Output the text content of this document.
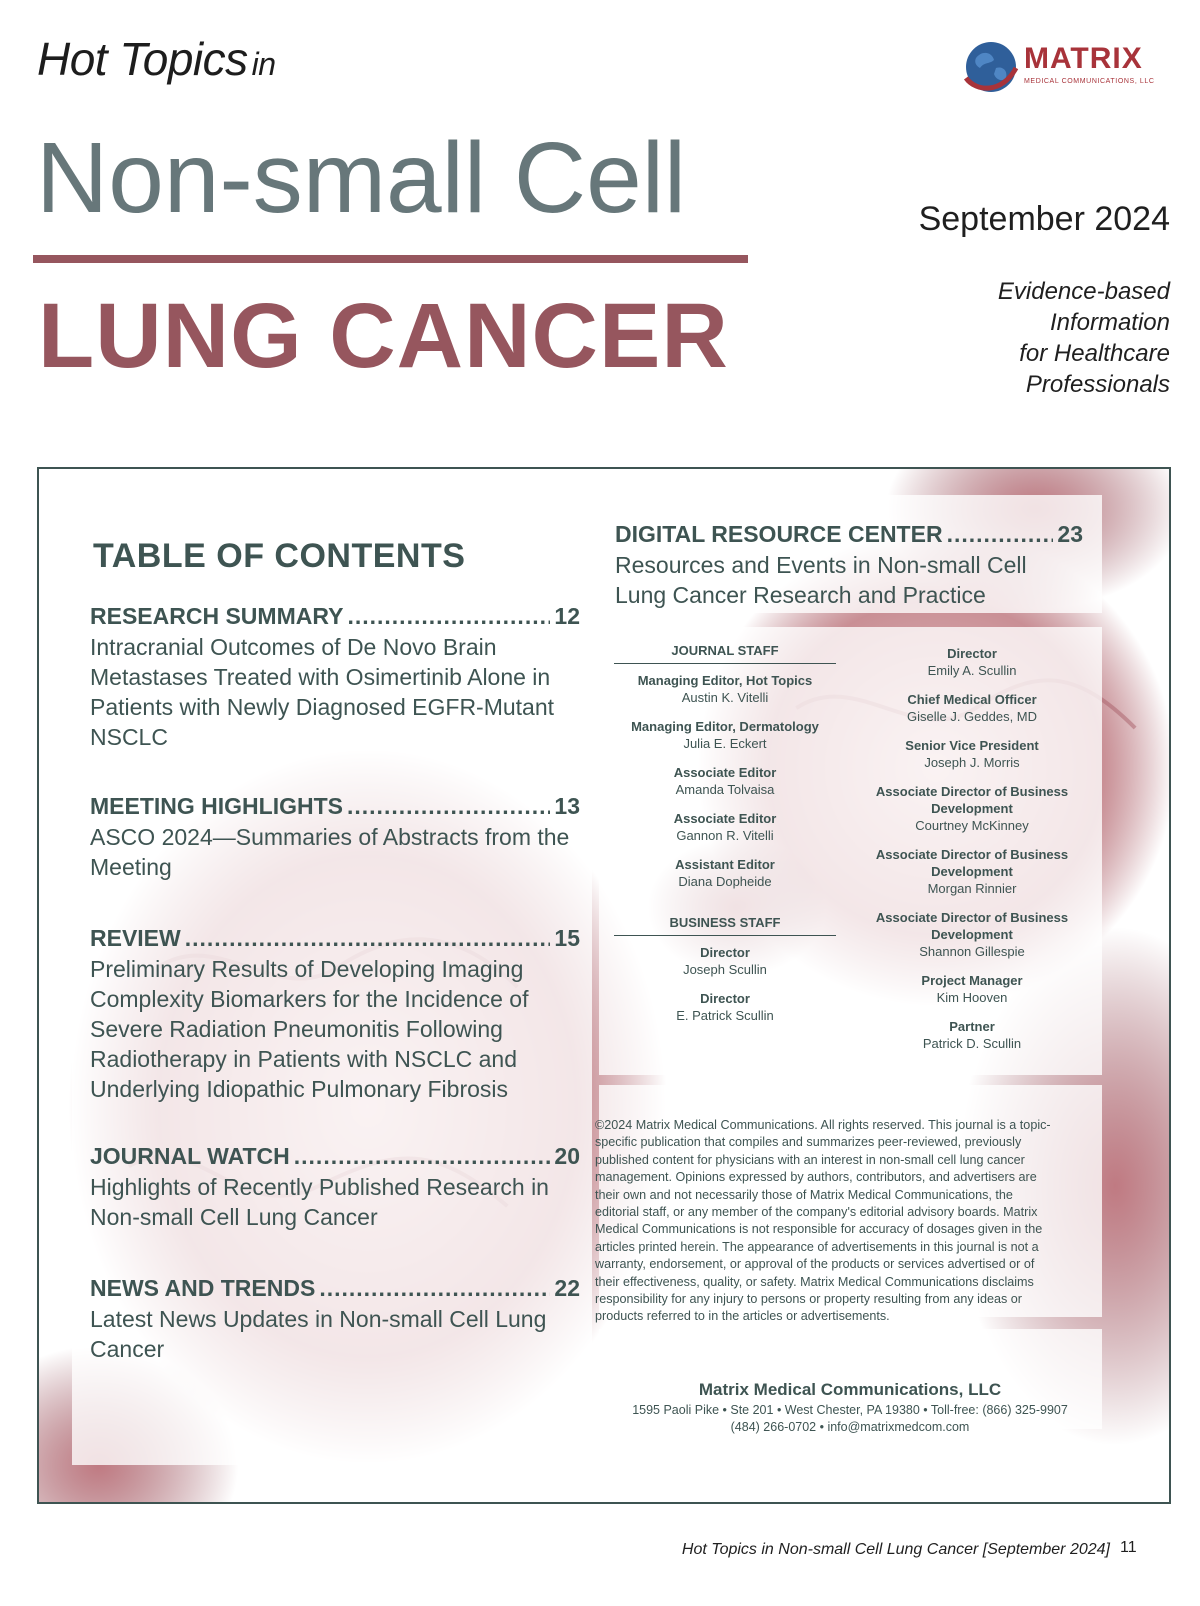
Hot Topics in	MATRIX
MEDICAL COMMUNICATIONS, LLC
Non-small Cell
LUNG CANCER
September 2024
Evidence-based
Information
for Healthcare
Professionals
TABLE OF CONTENTS
RESEARCH SUMMARY .....	12
Intracranial Outcomes of De Novo Brain Metastases Treated with Osimertinib Alone in Patients with Newly Diagnosed EGFR-Mutant NSCLC
MEETING HIGHLIGHTS .....	13
ASCO 2024—Summaries of Abstracts from the Meeting
REVIEW .....	15
Preliminary Results of Developing Imaging Complexity Biomarkers for the Incidence of Severe Radiation Pneumonitis Following Radiotherapy in Patients with NSCLC and Underlying Idiopathic Pulmonary Fibrosis
JOURNAL WATCH .....	20
Highlights of Recently Published Research in Non-small Cell Lung Cancer
NEWS AND TRENDS .....	22
Latest News Updates in Non-small Cell Lung Cancer
DIGITAL RESOURCE CENTER .....	23
Resources and Events in Non-small Cell Lung Cancer Research and Practice
JOURNAL STAFF
Managing Editor, Hot Topics
Austin K. Vitelli
Managing Editor, Dermatology
Julia E. Eckert
Associate Editor
Amanda Tolvaisa
Associate Editor
Gannon R. Vitelli
Assistant Editor
Diana Dopheide
BUSINESS STAFF
Director
Joseph Scullin
Director
E. Patrick Scullin
Director
Emily A. Scullin
Chief Medical Officer
Giselle J. Geddes, MD
Senior Vice President
Joseph J. Morris
Associate Director of Business Development
Courtney McKinney
Associate Director of Business Development
Morgan Rinnier
Associate Director of Business Development
Shannon Gillespie
Project Manager
Kim Hooven
Partner
Patrick D. Scullin
©2024 Matrix Medical Communications. All rights reserved. This journal is a topic-specific publication that compiles and summarizes peer-reviewed, previously published content for physicians with an interest in non-small cell lung cancer management. Opinions expressed by authors, contributors, and advertisers are their own and not necessarily those of Matrix Medical Communications, the editorial staff, or any member of the company's editorial advisory boards. Matrix Medical Communications is not responsible for accuracy of dosages given in the articles printed herein. The appearance of advertisements in this journal is not a warranty, endorsement, or approval of the products or services advertised or of their effectiveness, quality, or safety. Matrix Medical Communications disclaims responsibility for any injury to persons or property resulting from any ideas or products referred to in the articles or advertisements.
Matrix Medical Communications, LLC
1595 Paoli Pike • Ste 201 • West Chester, PA 19380 • Toll-free: (866) 325-9907
(484) 266-0702 • info@matrixmedcom.com
Hot Topics in Non-small Cell Lung Cancer [September 2024] 11
